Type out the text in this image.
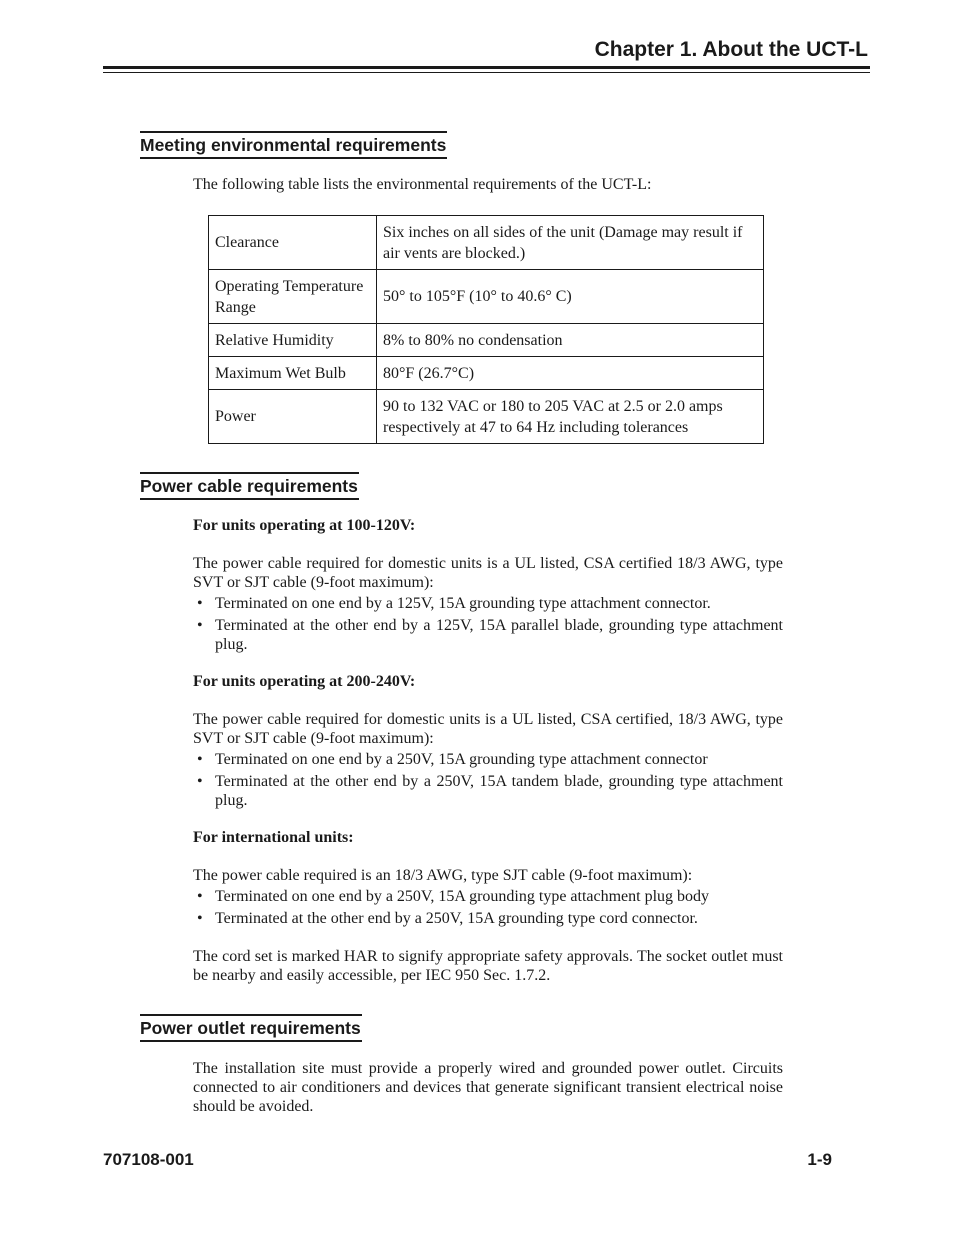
Chapter 1. About the UCT-L
Meeting environmental requirements
The following table lists the environmental requirements of the UCT-L:
Clearance	Six inches on all sides of the unit (Damage may result if air vents are blocked.)
Operating Temperature Range	50° to 105°F (10° to 40.6° C)
Relative Humidity	8% to 80% no condensation
Maximum Wet Bulb	80°F (26.7°C)
Power	90 to 132 VAC or 180 to 205 VAC at 2.5 or 2.0 amps respectively at 47 to 64 Hz including tolerances
Power cable requirements
For units operating at 100-120V:
The power cable required for domestic units is a UL listed, CSA certified 18/3 AWG, type SVT or SJT cable (9-foot maximum):
• Terminated on one end by a 125V, 15A grounding type attachment connector.
• Terminated at the other end by a 125V, 15A parallel blade, grounding type attachment plug.
For units operating at 200-240V:
The power cable required for domestic units is a UL listed, CSA certified, 18/3 AWG, type SVT or SJT cable (9-foot maximum):
• Terminated on one end by a 250V, 15A grounding type attachment connector
• Terminated at the other end by a 250V, 15A tandem blade, grounding type attachment plug.
For international units:
The power cable required is an 18/3 AWG, type SJT cable (9-foot maximum):
• Terminated on one end by a 250V, 15A grounding type attachment plug body
• Terminated at the other end by a 250V, 15A grounding type cord connector.
The cord set is marked HAR to signify appropriate safety approvals. The socket outlet must be nearby and easily accessible, per IEC 950 Sec. 1.7.2.
Power outlet requirements
The installation site must provide a properly wired and grounded power outlet. Circuits connected to air conditioners and devices that generate significant transient electrical noise should be avoided.
707108-001	1-9
